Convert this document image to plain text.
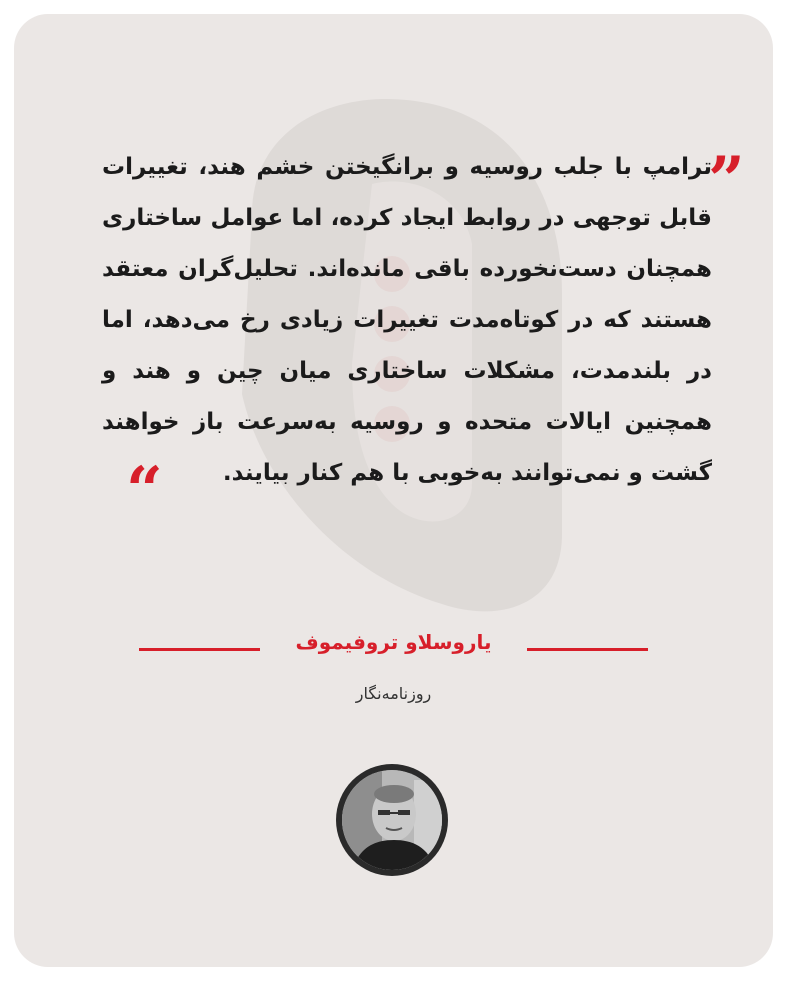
”
ترامپ با جلب روسیه و برانگیختن خشم هند، تغییرات قابل توجهی در روابط ایجاد کرده، اما عوامل ساختاری همچنان دست‌نخورده باقی مانده‌اند. تحلیل‌گران معتقد هستند که در کوتاه‌مدت تغییرات زیادی رخ می‌دهد، اما در بلندمدت، مشکلات ساختاری میان چین و هند و همچنین ایالات متحده و روسیه به‌سرعت باز خواهند گشت و نمی‌توانند به‌خوبی با هم کنار بیایند.
“
یاروسلاو تروفیموف
روزنامه‌نگار
